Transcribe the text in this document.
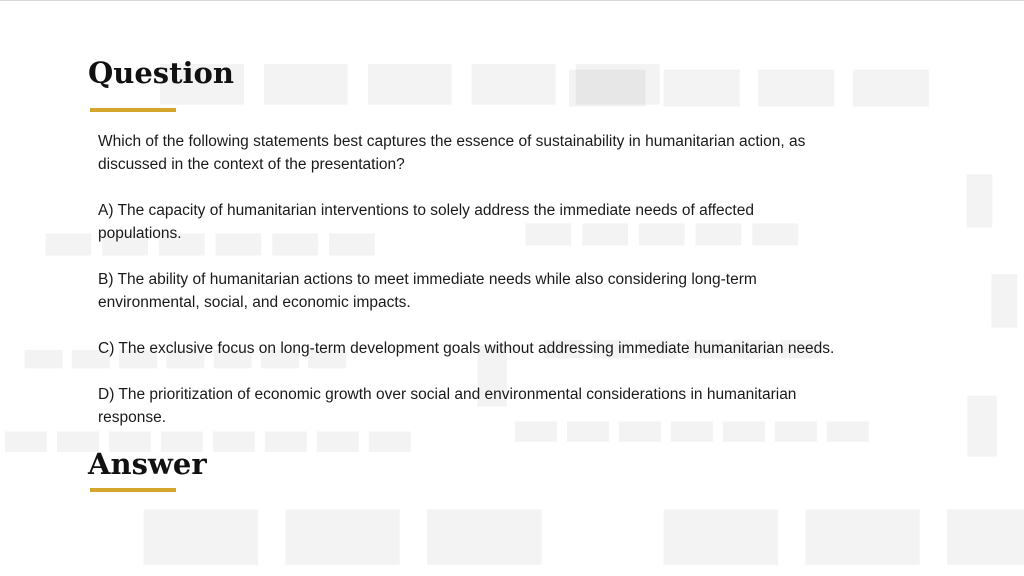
Question
Which of the following statements best captures the essence of sustainability in humanitarian action, as
discussed in the context of the presentation?
A) The capacity of humanitarian interventions to solely address the immediate needs of affected
populations.
B) The ability of humanitarian actions to meet immediate needs while also considering long-term
environmental, social, and economic impacts.
C) The exclusive focus on long-term development goals without addressing immediate humanitarian needs.
D) The prioritization of economic growth over social and environmental considerations in humanitarian
response.
Answer
